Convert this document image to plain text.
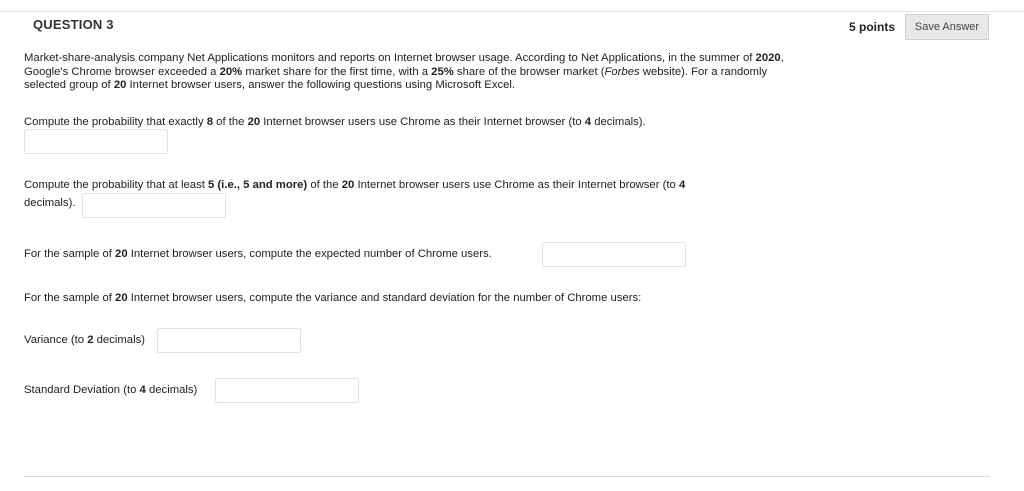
QUESTION 3	5 points	Save Answer
Market-share-analysis company Net Applications monitors and reports on Internet browser usage. According to Net Applications, in the summer of 2020, Google's Chrome browser exceeded a 20% market share for the first time, with a 25% share of the browser market (Forbes website). For a randomly selected group of 20 Internet browser users, answer the following questions using Microsoft Excel.
Compute the probability that exactly 8 of the 20 Internet browser users use Chrome as their Internet browser (to 4 decimals).
Compute the probability that at least 5 (i.e., 5 and more) of the 20 Internet browser users use Chrome as their Internet browser (to 4
decimals).
For the sample of 20 Internet browser users, compute the expected number of Chrome users.
For the sample of 20 Internet browser users, compute the variance and standard deviation for the number of Chrome users:
Variance (to 2 decimals)
Standard Deviation (to 4 decimals)
